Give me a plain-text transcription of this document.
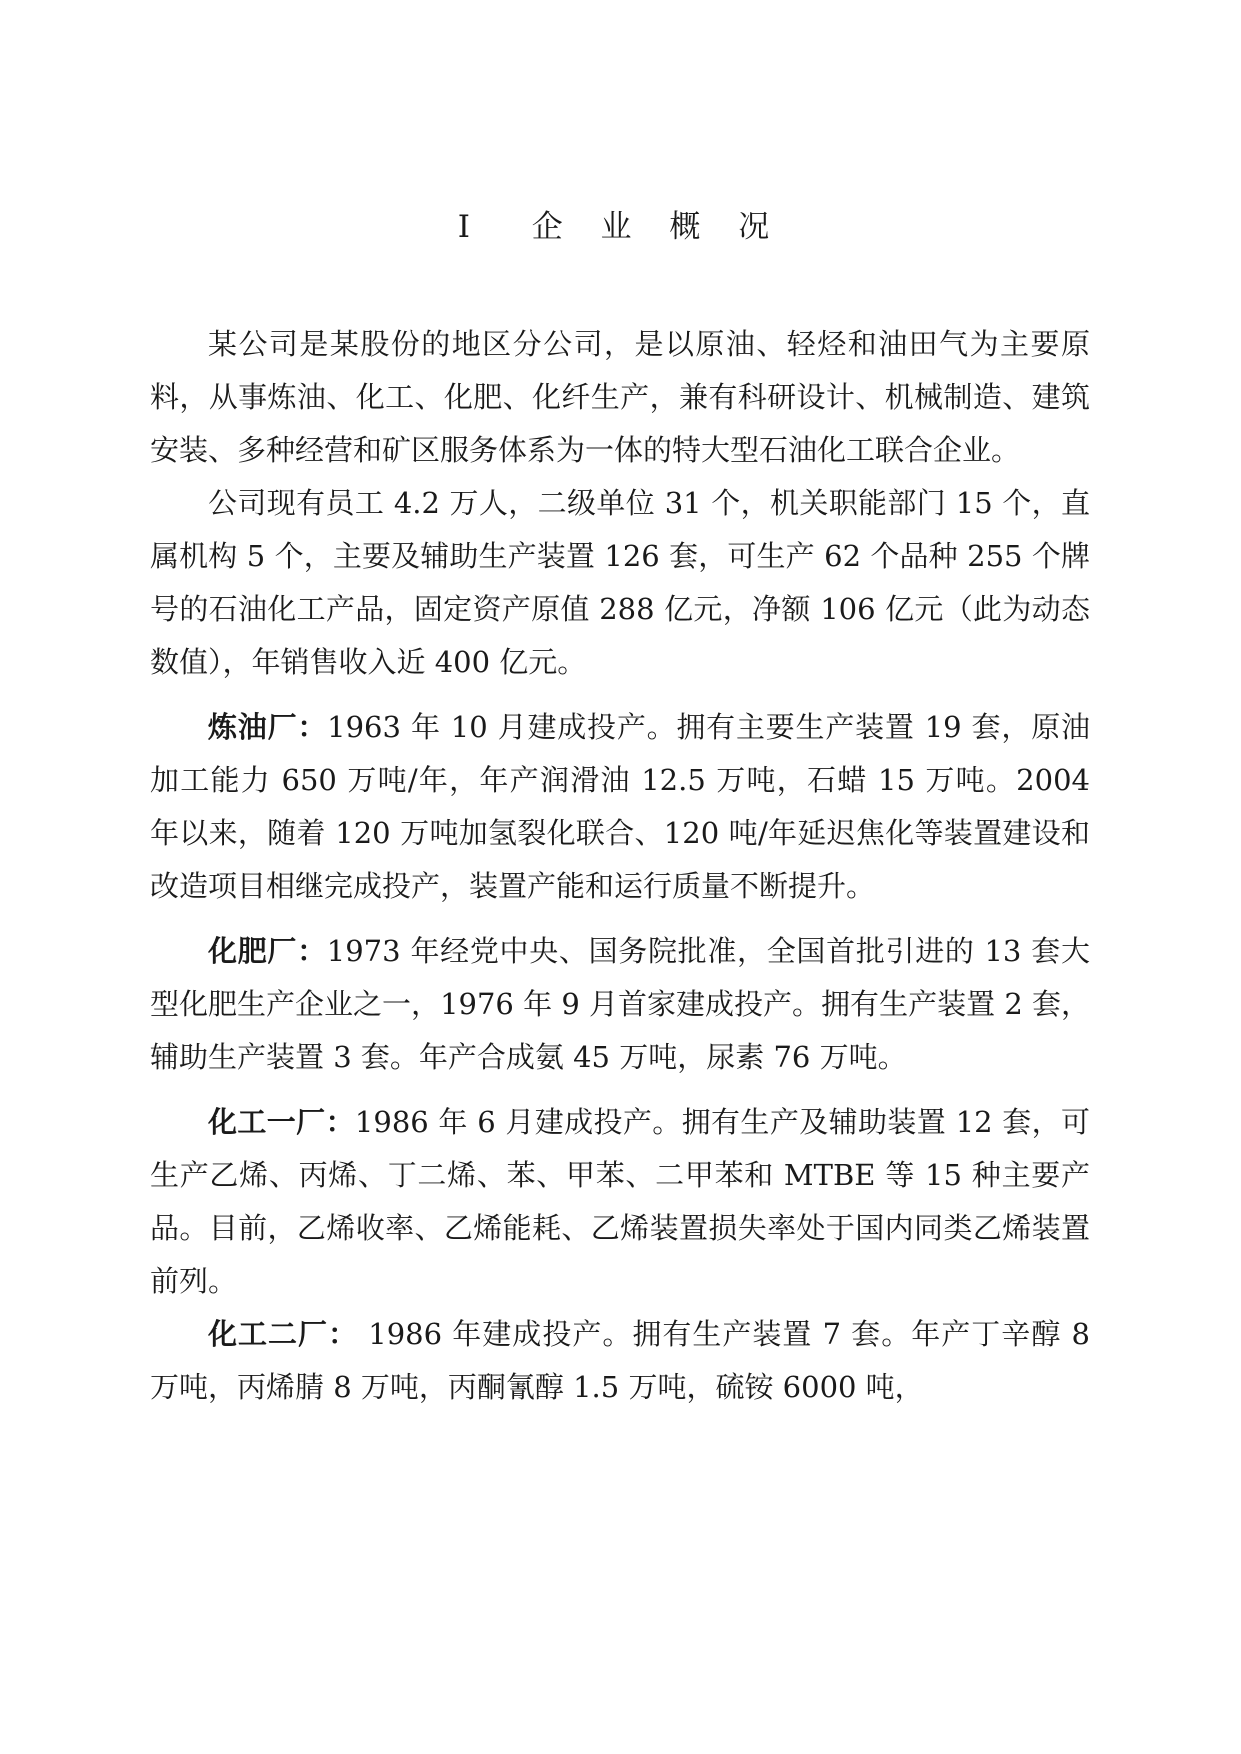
I  企 业 概 况

某公司是某股份的地区分公司，是以原油、轻烃和油田气为主要原料，从事炼油、化工、化肥、化纤生产，兼有科研设计、机械制造、建筑安装、多种经营和矿区服务体系为一体的特大型石油化工联合企业。

公司现有员工 4.2 万人，二级单位 31 个，机关职能部门 15 个，直属机构 5 个，主要及辅助生产装置 126 套，可生产 62 个品种 255 个牌号的石油化工产品，固定资产原值 288 亿元，净额 106 亿元（此为动态数值），年销售收入近 400 亿元。

炼油厂：1963 年 10 月建成投产。拥有主要生产装置 19 套，原油加工能力 650 万吨/年，年产润滑油 12.5 万吨，石蜡 15 万吨。2004 年以来，随着 120 万吨加氢裂化联合、120 吨/年延迟焦化等装置建设和改造项目相继完成投产，装置产能和运行质量不断提升。

化肥厂：1973 年经党中央、国务院批准，全国首批引进的 13 套大型化肥生产企业之一，1976 年 9 月首家建成投产。拥有生产装置 2 套，辅助生产装置 3 套。年产合成氨 45 万吨，尿素 76 万吨。

化工一厂：1986 年 6 月建成投产。拥有生产及辅助装置 12 套，可生产乙烯、丙烯、丁二烯、苯、甲苯、二甲苯和 MTBE 等 15 种主要产品。目前，乙烯收率、乙烯能耗、乙烯装置损失率处于国内同类乙烯装置前列。

化工二厂： 1986 年建成投产。拥有生产装置 7 套。年产丁辛醇 8 万吨，丙烯腈 8 万吨，丙酮氰醇 1.5 万吨，硫铵 6000 吨，
